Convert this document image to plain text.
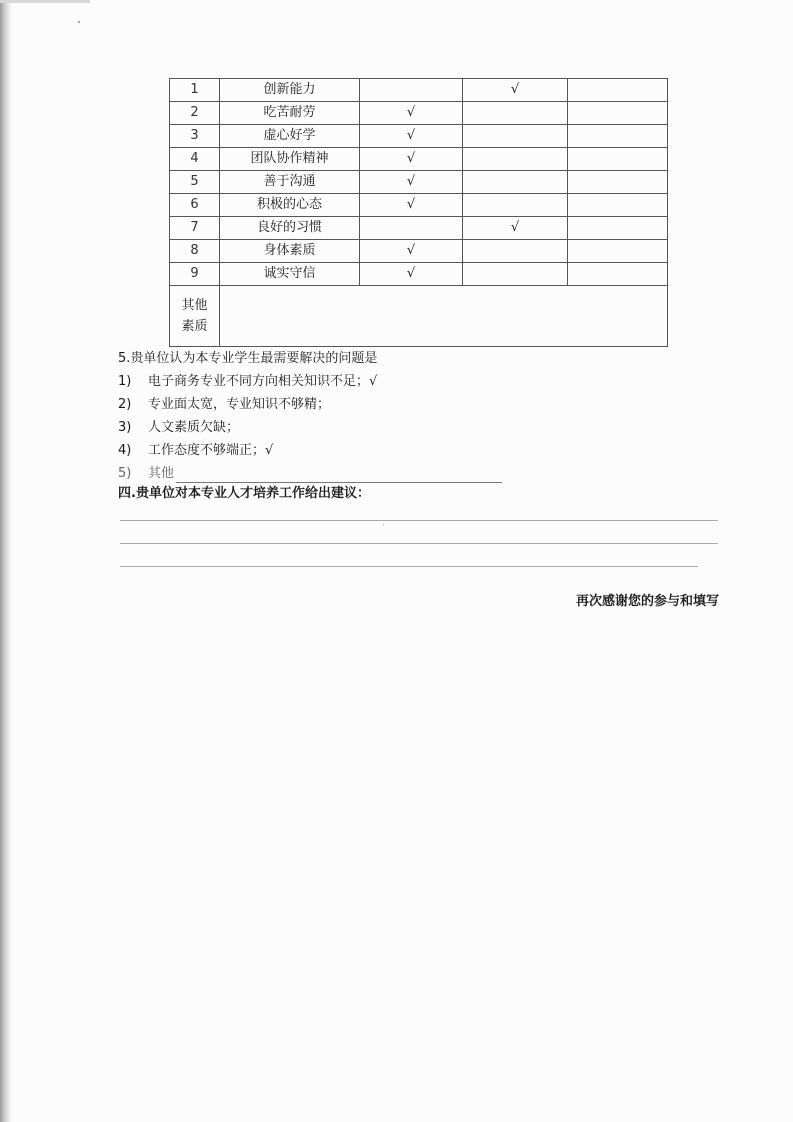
1	创新能力		√	
2	吃苦耐劳	√		
3	虚心好学	√		
4	团队协作精神	√		
5	善于沟通	√		
6	积极的心态	√		
7	良好的习惯		√	
8	身体素质	√		
9	诚实守信	√		
其他
素质				
5.贵单位认为本专业学生最需要解决的问题是
1) 电子商务专业不同方向相关知识不足；√
2) 专业面太宽，专业知识不够精；
3) 人文素质欠缺；
4) 工作态度不够端正；√
5) 其他
四.贵单位对本专业人才培养工作给出建议：
再次感谢您的参与和填写
